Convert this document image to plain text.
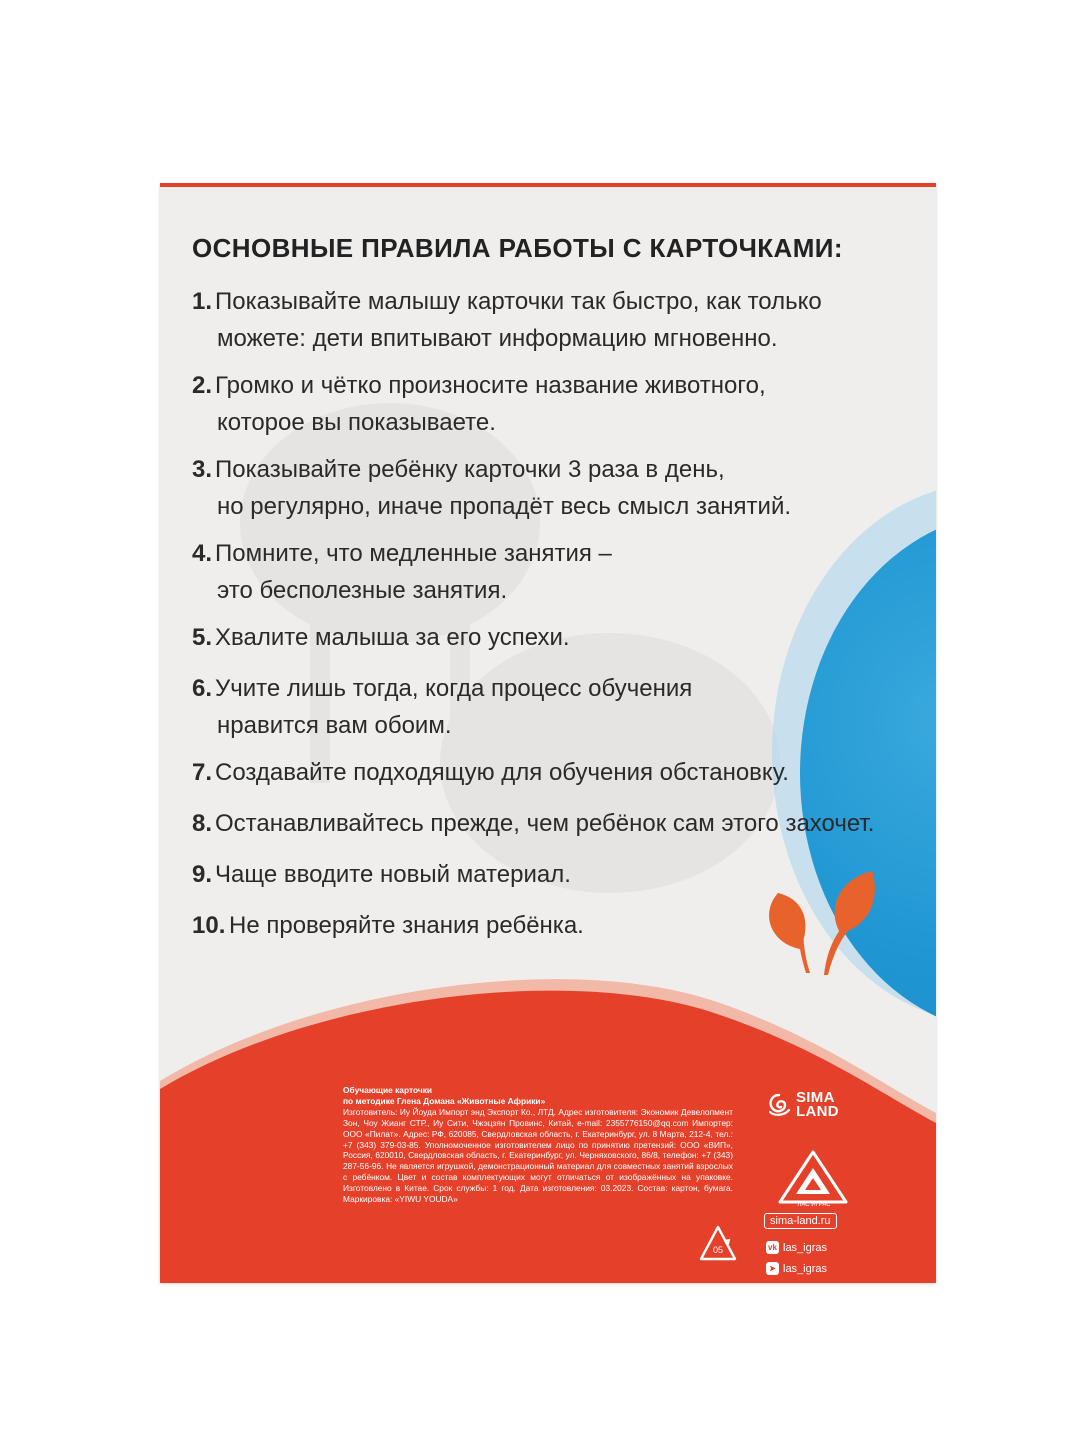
ОСНОВНЫЕ ПРАВИЛА РАБОТЫ С КАРТОЧКАМИ:
1. Показывайте малышу карточки так быстро, как только
можете: дети впитывают информацию мгновенно.
2. Громко и чётко произносите название животного,
которое вы показываете.
3. Показывайте ребёнку карточки 3 раза в день,
но регулярно, иначе пропадёт весь смысл занятий.
4. Помните, что медленные занятия –
это бесполезные занятия.
5. Хвалите малыша за его успехи.
6. Учите лишь тогда, когда процесс обучения
нравится вам обоим.
7. Создавайте подходящую для обучения обстановку.
8. Останавливайтесь прежде, чем ребёнок сам этого захочет.
9. Чаще вводите новый материал.
10. Не проверяйте знания ребёнка.
Обучающие карточки
по методике Глена Домана «Животные Африки»
Изготовитель: Иу Йоуда Импорт энд Экспорт Ко., ЛТД. Адрес изготовителя: Экономик Девелопмент Зон, Чоу Жианг СТР., Иу Сити, Чжэцзян Провинс, Китай, e-mail: 2355776150@qq.com Импортер: ООО «Пилат». Адрес: РФ, 620085, Свердловская область, г. Екатеринбург, ул. 8 Марта, 212-4, тел.: +7 (343) 379-03-85. Уполномоченное изготовителем лицо по принятию претензий: ООО «ВИП», Россия, 620010, Свердловская область, г. Екатеринбург, ул. Черняховского, 86/8, телефон: +7 (343) 287-56-96. Не является игрушкой, демонстрационный материал для совместных занятий взрослых с ребёнком. Цвет и состав комплектующих могут отличаться от изображённых на упаковке. Изготовлено в Китае. Срок службы: 1 год. Дата изготовления: 03.2023. Состав: картон, бумага. Маркировка: «YIWU YOUDA»
05
SIMA
LAND
ЛАС ИГРАС
sima-land.ru
vk las_igras
➤ las_igras
